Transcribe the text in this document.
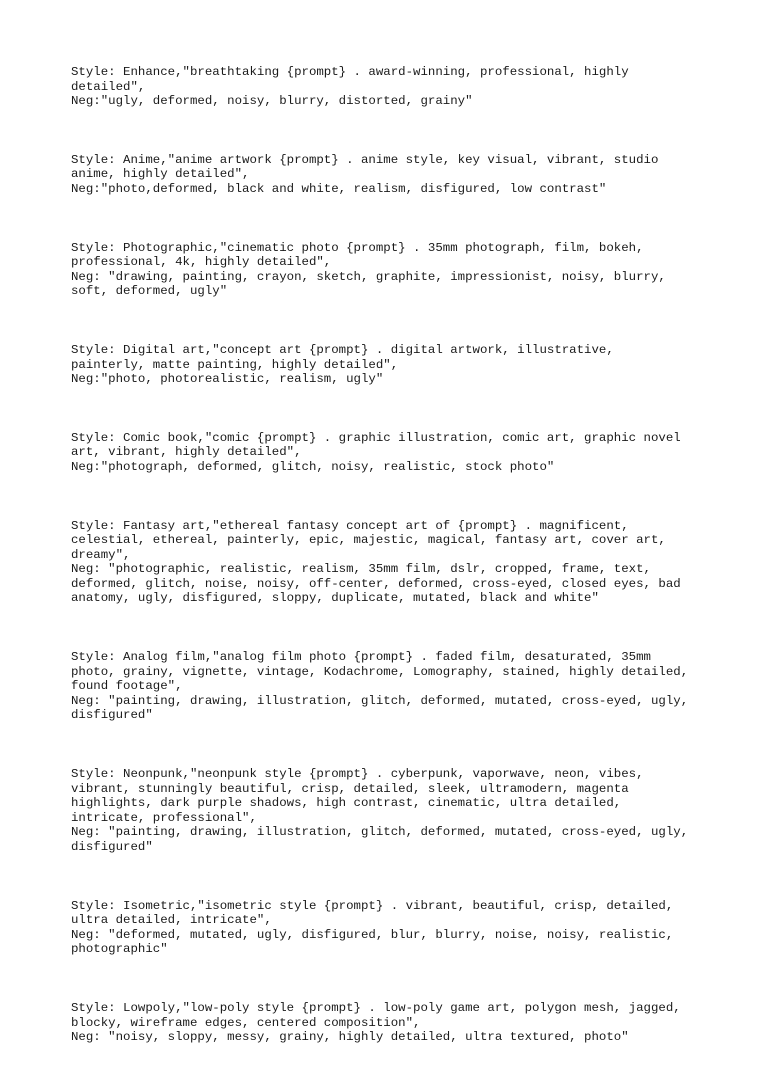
Style: Enhance,"breathtaking {prompt} . award-winning, professional, highly
detailed",
Neg:"ugly, deformed, noisy, blurry, distorted, grainy"
Style: Anime,"anime artwork {prompt} . anime style, key visual, vibrant, studio
anime, highly detailed",
Neg:"photo,deformed, black and white, realism, disfigured, low contrast"
Style: Photographic,"cinematic photo {prompt} . 35mm photograph, film, bokeh,
professional, 4k, highly detailed",
Neg: "drawing, painting, crayon, sketch, graphite, impressionist, noisy, blurry,
soft, deformed, ugly"
Style: Digital art,"concept art {prompt} . digital artwork, illustrative,
painterly, matte painting, highly detailed",
Neg:"photo, photorealistic, realism, ugly"
Style: Comic book,"comic {prompt} . graphic illustration, comic art, graphic novel
art, vibrant, highly detailed",
Neg:"photograph, deformed, glitch, noisy, realistic, stock photo"
Style: Fantasy art,"ethereal fantasy concept art of {prompt} . magnificent,
celestial, ethereal, painterly, epic, majestic, magical, fantasy art, cover art,
dreamy",
Neg: "photographic, realistic, realism, 35mm film, dslr, cropped, frame, text,
deformed, glitch, noise, noisy, off-center, deformed, cross-eyed, closed eyes, bad
anatomy, ugly, disfigured, sloppy, duplicate, mutated, black and white"
Style: Analog film,"analog film photo {prompt} . faded film, desaturated, 35mm
photo, grainy, vignette, vintage, Kodachrome, Lomography, stained, highly detailed,
found footage",
Neg: "painting, drawing, illustration, glitch, deformed, mutated, cross-eyed, ugly,
disfigured"
Style: Neonpunk,"neonpunk style {prompt} . cyberpunk, vaporwave, neon, vibes,
vibrant, stunningly beautiful, crisp, detailed, sleek, ultramodern, magenta
highlights, dark purple shadows, high contrast, cinematic, ultra detailed,
intricate, professional",
Neg: "painting, drawing, illustration, glitch, deformed, mutated, cross-eyed, ugly,
disfigured"
Style: Isometric,"isometric style {prompt} . vibrant, beautiful, crisp, detailed,
ultra detailed, intricate",
Neg: "deformed, mutated, ugly, disfigured, blur, blurry, noise, noisy, realistic,
photographic"
Style: Lowpoly,"low-poly style {prompt} . low-poly game art, polygon mesh, jagged,
blocky, wireframe edges, centered composition",
Neg: "noisy, sloppy, messy, grainy, highly detailed, ultra textured, photo"
